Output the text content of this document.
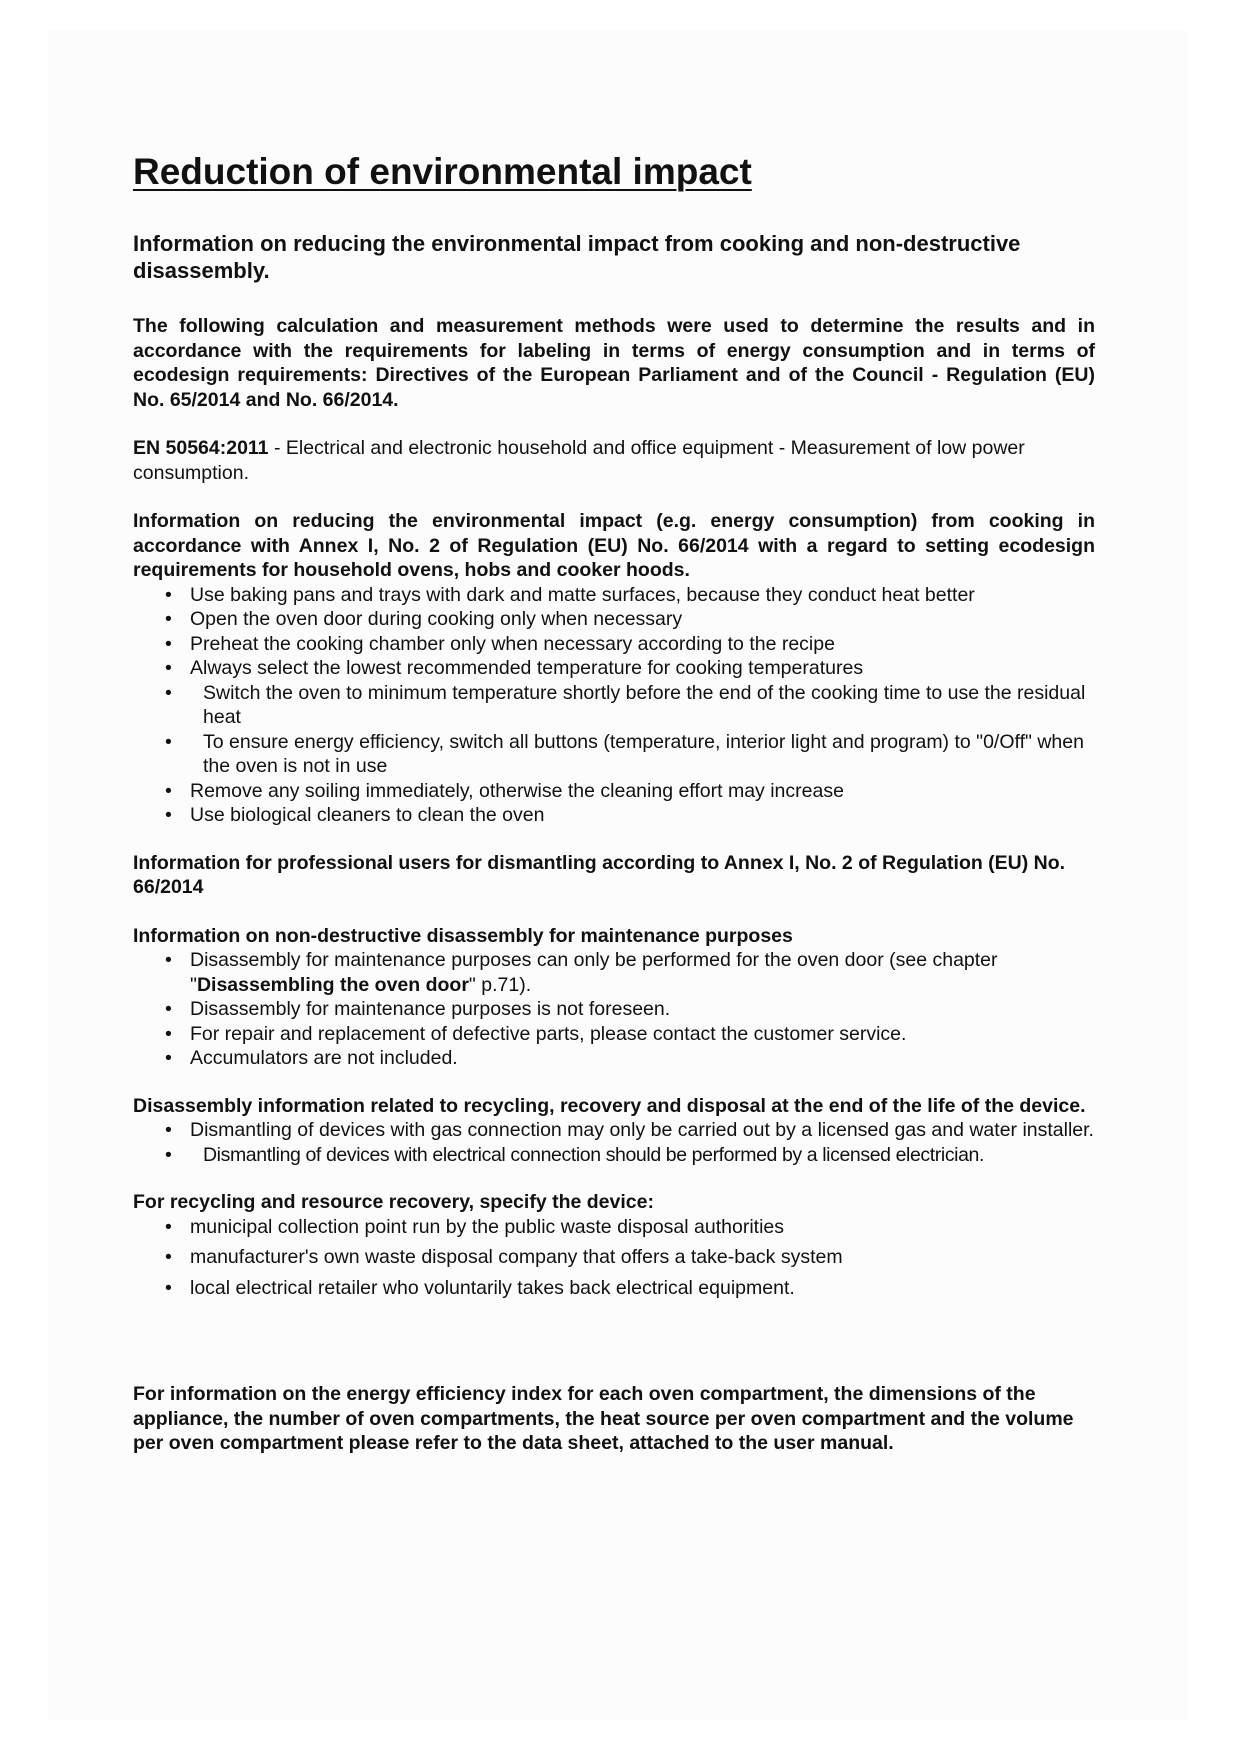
Reduction of environmental impact
Information on reducing the environmental impact from cooking and non-destructive disassembly.

The following calculation and measurement methods were used to determine the results and in accordance with the requirements for labeling in terms of energy consumption and in terms of ecodesign requirements: Directives of the European Parliament and of the Council - Regulation (EU) No. 65/2014 and No. 66/2014.

EN 50564:2011 - Electrical and electronic household and office equipment - Measurement of low power consumption.

Information on reducing the environmental impact (e.g. energy consumption) from cooking in accordance with Annex I, No. 2 of Regulation (EU) No. 66/2014 with a regard to setting ecodesign requirements for household ovens, hobs and cooker hoods.

• Use baking pans and trays with dark and matte surfaces, because they conduct heat better
• Open the oven door during cooking only when necessary
• Preheat the cooking chamber only when necessary according to the recipe
• Always select the lowest recommended temperature for cooking temperatures
• Switch the oven to minimum temperature shortly before the end of the cooking time to use the residual heat
• To ensure energy efficiency, switch all buttons (temperature, interior light and program) to "0/Off" when the oven is not in use
• Remove any soiling immediately, otherwise the cleaning effort may increase
• Use biological cleaners to clean the oven

Information for professional users for dismantling according to Annex I, No. 2 of Regulation (EU) No. 66/2014

Information on non-destructive disassembly for maintenance purposes

• Disassembly for maintenance purposes can only be performed for the oven door (see chapter "Disassembling the oven door" p.71).
• Disassembly for maintenance purposes is not foreseen.
• For repair and replacement of defective parts, please contact the customer service.
• Accumulators are not included.

Disassembly information related to recycling, recovery and disposal at the end of the life of the device.

• Dismantling of devices with gas connection may only be carried out by a licensed gas and water installer.
• Dismantling of devices with electrical connection should be performed by a licensed electrician.

For recycling and resource recovery, specify the device:

• municipal collection point run by the public waste disposal authorities
• manufacturer's own waste disposal company that offers a take-back system
• local electrical retailer who voluntarily takes back electrical equipment.

For information on the energy efficiency index for each oven compartment, the dimensions of the appliance, the number of oven compartments, the heat source per oven compartment and the volume per oven compartment please refer to the data sheet, attached to the user manual.
